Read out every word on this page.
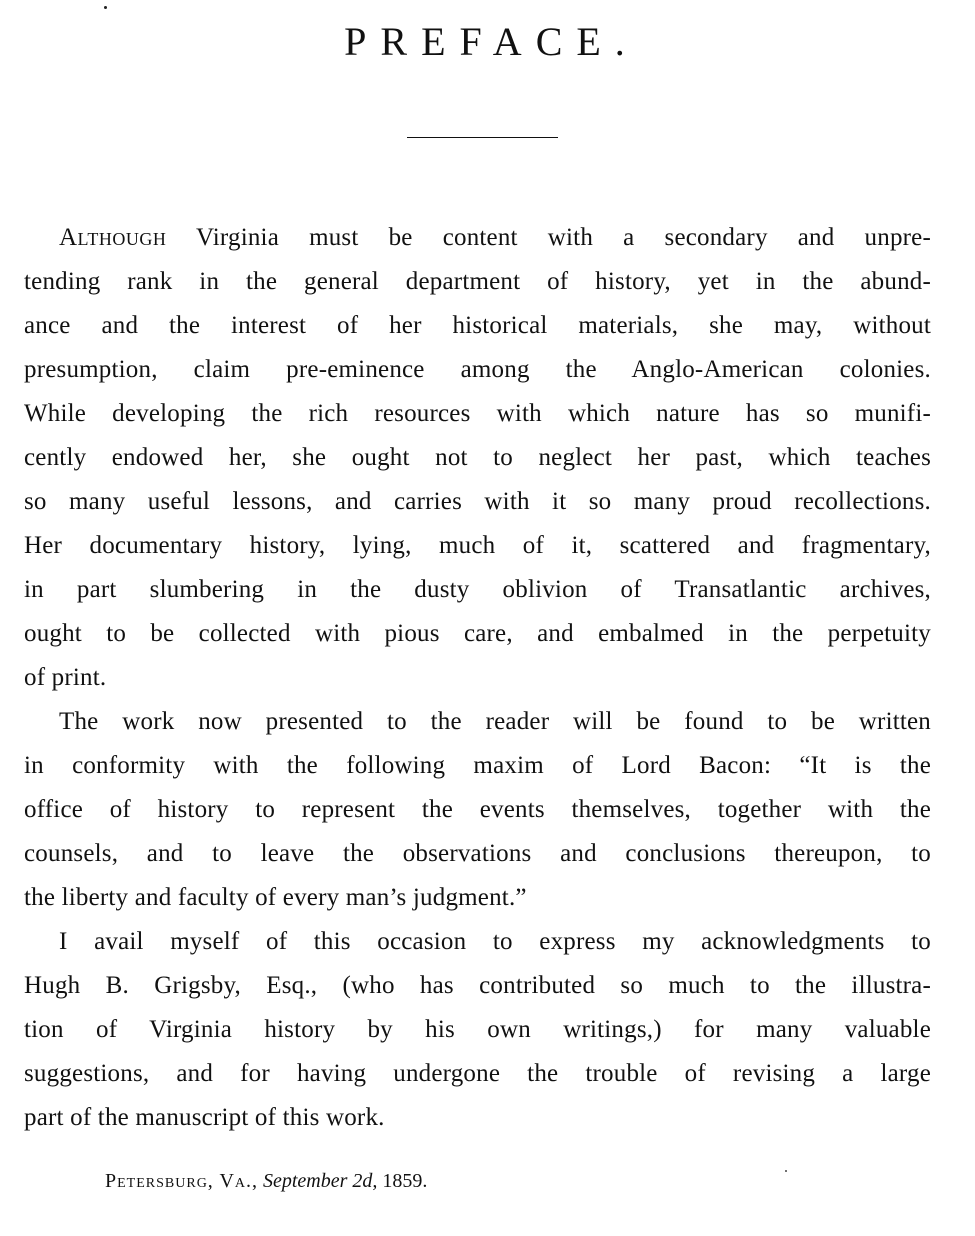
PREFACE.
Although Virginia must be content with a secondary and unpre-
tending rank in the general department of history, yet in the abund-
ance and the interest of her historical materials, she may, without
presumption, claim pre-eminence among the Anglo-American colonies.
While developing the rich resources with which nature has so munifi-
cently endowed her, she ought not to neglect her past, which teaches
so many useful lessons, and carries with it so many proud recollections.
Her documentary history, lying, much of it, scattered and fragmentary,
in part slumbering in the dusty oblivion of Transatlantic archives,
ought to be collected with pious care, and embalmed in the perpetuity
of print.
The work now presented to the reader will be found to be written
in conformity with the following maxim of Lord Bacon: “It is the
office of history to represent the events themselves, together with the
counsels, and to leave the observations and conclusions thereupon, to
the liberty and faculty of every man’s judgment.”
I avail myself of this occasion to express my acknowledgments to
Hugh B. Grigsby, Esq., (who has contributed so much to the illustra-
tion of Virginia history by his own writings,) for many valuable
suggestions, and for having undergone the trouble of revising a large
part of the manuscript of this work.
Petersburg, Va., September 2d, 1859.
